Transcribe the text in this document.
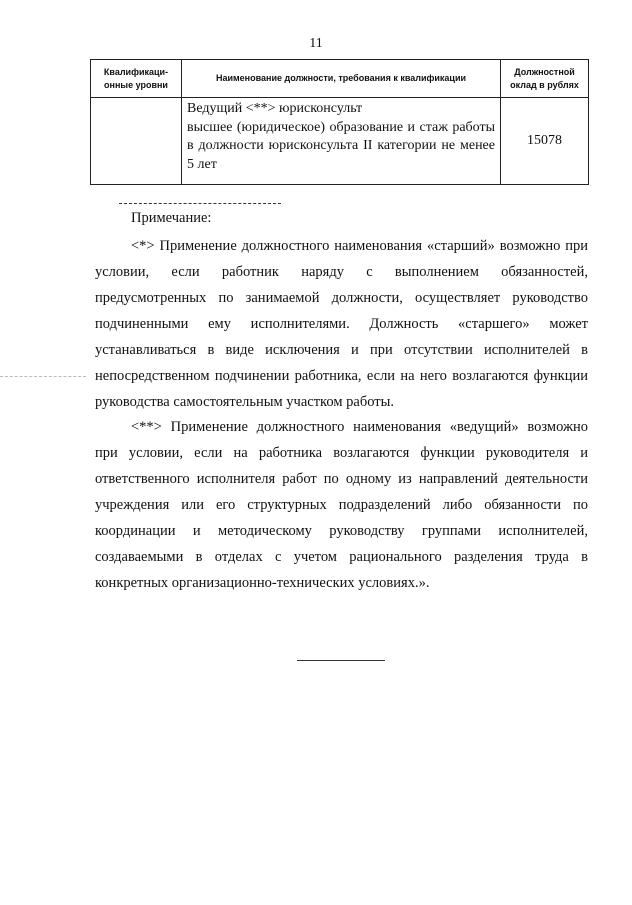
11
Квалификаци-онные уровни	Наименование должности, требования к квалификации	Должностной оклад в рублях

	Ведущий <**> юрисконсульт
высшее (юридическое) образование и стаж работы в должности юрисконсульта II категории не менее 5 лет	15078
Примечание:

<*> Применение должностного наименования «старший» возможно при условии, если работник наряду с выполнением обязанностей, предусмотренных по занимаемой должности, осуществляет руководство подчиненными ему исполнителями. Должность «старшего» может устанавливаться в виде исключения и при отсутствии исполнителей в непосредственном подчинении работника, если на него возлагаются функции руководства самостоятельным участком работы.

<**> Применение должностного наименования «ведущий» возможно при условии, если на работника возлагаются функции руководителя и ответственного исполнителя работ по одному из направлений деятельности учреждения или его структурных подразделений либо обязанности по координации и методическому руководству группами исполнителей, создаваемыми в отделах с учетом рационального разделения труда в конкретных организационно-технических условиях.».
